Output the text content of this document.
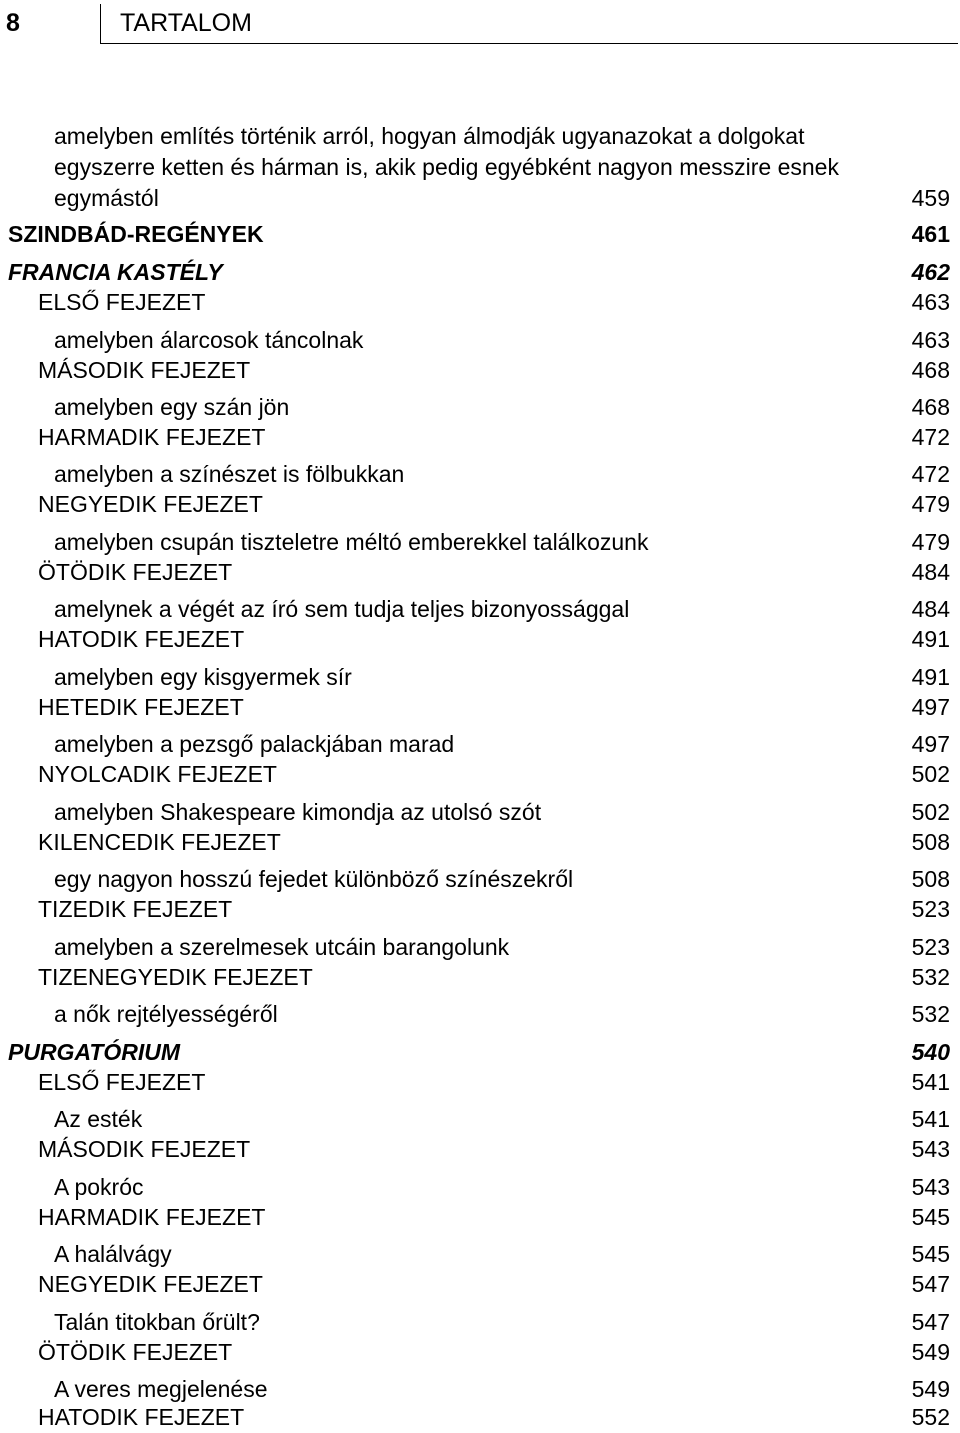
8	TARTALOM
amelyben említés történik arról, hogyan álmodják ugyanazokat a dolgokat
egyszerre ketten és hárman is, akik pedig egyébként nagyon messzire esnek
egymástól	459
SZINDBÁD-REGÉNYEK	461
FRANCIA KASTÉLY	462
ELSŐ FEJEZET	463
amelyben álarcosok táncolnak	463
MÁSODIK FEJEZET	468
amelyben egy szán jön	468
HARMADIK FEJEZET	472
amelyben a színészet is fölbukkan	472
NEGYEDIK FEJEZET	479
amelyben csupán tiszteletre méltó emberekkel találkozunk	479
ÖTÖDIK FEJEZET	484
amelynek a végét az író sem tudja teljes bizonyossággal	484
HATODIK FEJEZET	491
amelyben egy kisgyermek sír	491
HETEDIK FEJEZET	497
amelyben a pezsgő palackjában marad	497
NYOLCADIK FEJEZET	502
amelyben Shakespeare kimondja az utolsó szót	502
KILENCEDIK FEJEZET	508
egy nagyon hosszú fejedet különböző színészekről	508
TIZEDIK FEJEZET	523
amelyben a szerelmesek utcáin barangolunk	523
TIZENEGYEDIK FEJEZET	532
a nők rejtélyességéről	532
PURGATÓRIUM	540
ELSŐ FEJEZET	541
Az esték	541
MÁSODIK FEJEZET	543
A pokróc	543
HARMADIK FEJEZET	545
A halálvágy	545
NEGYEDIK FEJEZET	547
Talán titokban őrült?	547
ÖTÖDIK FEJEZET	549
A veres megjelenése	549
HATODIK FEJEZET	552
